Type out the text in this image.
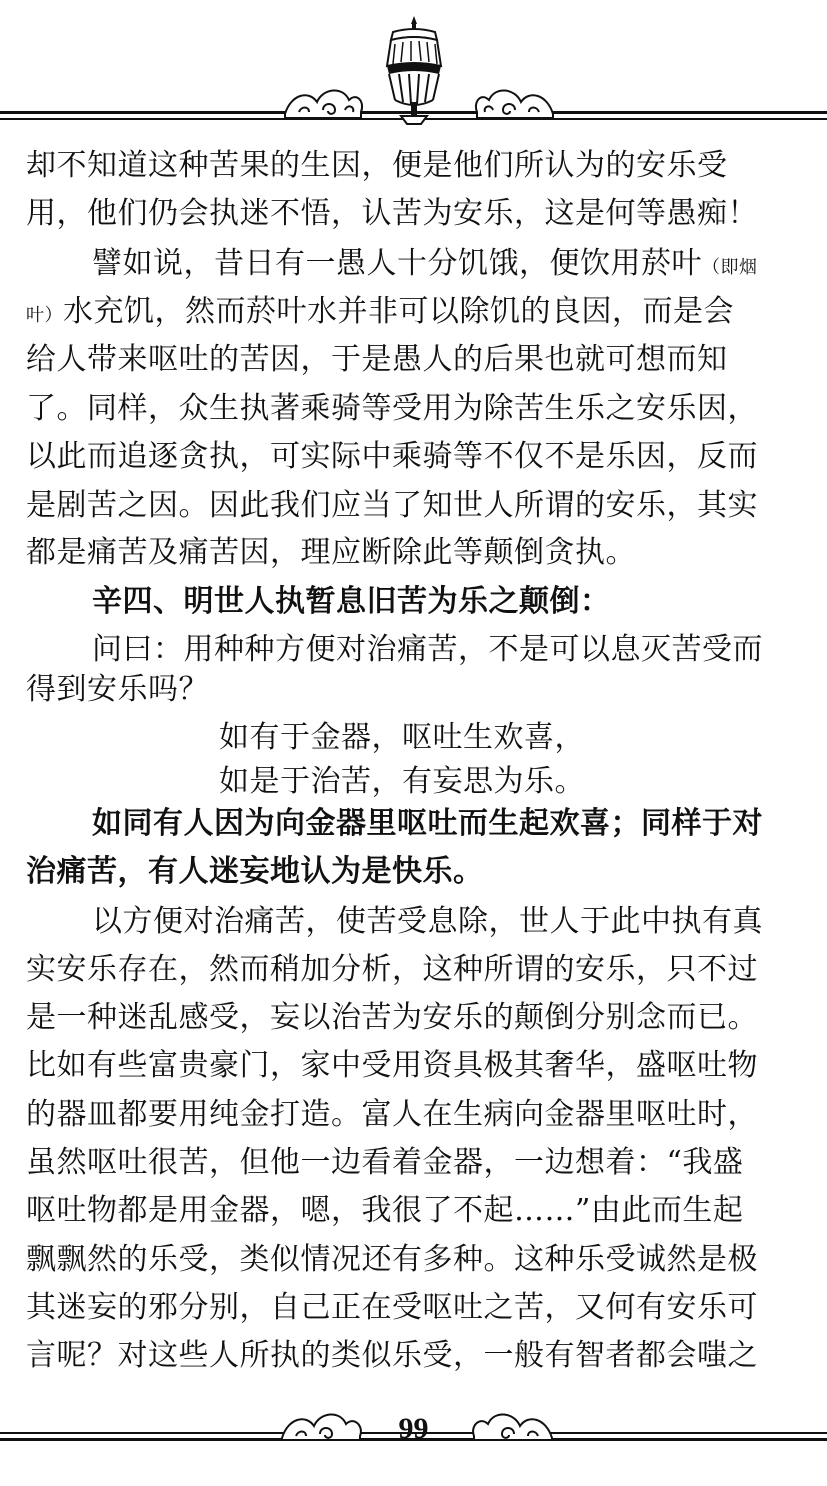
却不知道这种苦果的生因，便是他们所认为的安乐受
用，他们仍会执迷不悟，认苦为安乐，这是何等愚痴！
譬如说，昔日有一愚人十分饥饿，便饮用菸叶（即烟
叶）水充饥，然而菸叶水并非可以除饥的良因，而是会
给人带来呕吐的苦因，于是愚人的后果也就可想而知
了。同样，众生执著乘骑等受用为除苦生乐之安乐因，
以此而追逐贪执，可实际中乘骑等不仅不是乐因，反而
是剧苦之因。因此我们应当了知世人所谓的安乐，其实
都是痛苦及痛苦因，理应断除此等颠倒贪执。
辛四、明世人执暂息旧苦为乐之颠倒：
问曰：用种种方便对治痛苦，不是可以息灭苦受而
得到安乐吗？
如有于金器，呕吐生欢喜，
如是于治苦，有妄思为乐。
如同有人因为向金器里呕吐而生起欢喜；同样于对
治痛苦，有人迷妄地认为是快乐。
以方便对治痛苦，使苦受息除，世人于此中执有真
实安乐存在，然而稍加分析，这种所谓的安乐，只不过
是一种迷乱感受，妄以治苦为安乐的颠倒分别念而已。
比如有些富贵豪门，家中受用资具极其奢华，盛呕吐物
的器皿都要用纯金打造。富人在生病向金器里呕吐时，
虽然呕吐很苦，但他一边看着金器，一边想着：“我盛
呕吐物都是用金器，嗯，我很了不起……”由此而生起
飘飘然的乐受，类似情况还有多种。这种乐受诚然是极
其迷妄的邪分别，自己正在受呕吐之苦，又何有安乐可
言呢？对这些人所执的类似乐受，一般有智者都会嗤之
99
